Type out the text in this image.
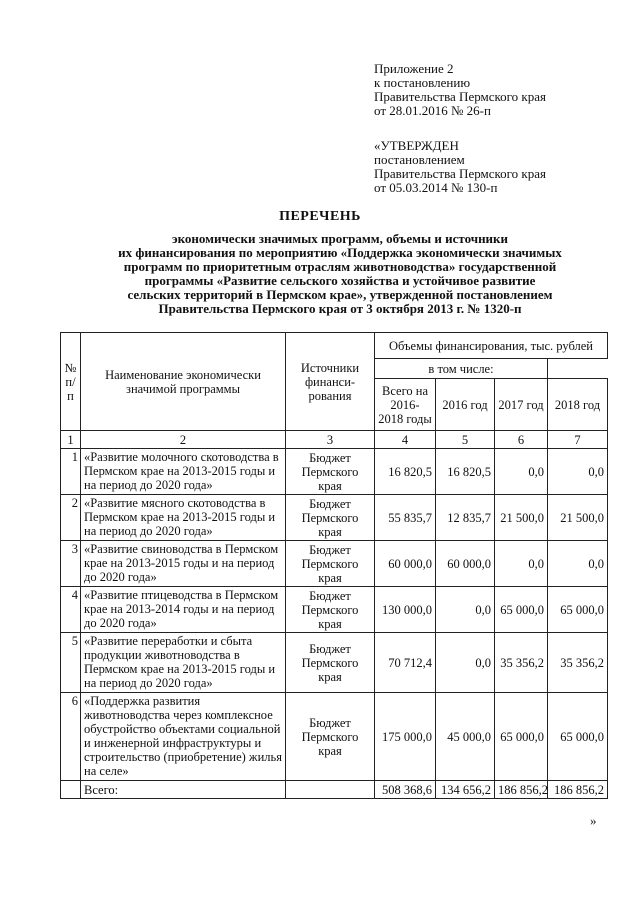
Приложение 2
к постановлению
Правительства Пермского края
от 28.01.2016 № 26-п
«УТВЕРЖДЕН
постановлением
Правительства Пермского края
от 05.03.2014 № 130-п
ПЕРЕЧЕНЬ
экономически значимых программ, объемы и источники
их финансирования по мероприятию «Поддержка экономически значимых
программ по приоритетным отраслям животноводства» государственной
программы «Развитие сельского хозяйства и устойчивое развитие
сельских территорий в Пермском крае», утвержденной постановлением
Правительства Пермского края от 3 октября 2013 г. № 1320-п
№ п/п	Наименование экономически значимой программы	Источники финанси-рования	Объемы финансирования, тыс. рублей			
			в том числе:			
			Всего на 2016-2018 годы	2016 год	2017 год	2018 год
1	2	3	4	5	6	7
1	«Развитие молочного скотоводства в Пермском крае на 2013-2015 годы и на период до 2020 года»	Бюджет Пермского края	16 820,5	16 820,5	0,0	0,0
2	«Развитие мясного скотоводства в Пермском крае на 2013-2015 годы и на период до 2020 года»	Бюджет Пермского края	55 835,7	12 835,7	21 500,0	21 500,0
3	«Развитие свиноводства в Пермском крае на 2013-2015 годы и на период до 2020 года»	Бюджет Пермского края	60 000,0	60 000,0	0,0	0,0
4	«Развитие птицеводства в Пермском крае на 2013-2014 годы и на период до 2020 года»	Бюджет Пермского края	130 000,0	0,0	65 000,0	65 000,0
5	«Развитие переработки и сбыта продукции животноводства в Пермском крае на 2013-2015 годы и на период до 2020 года»	Бюджет Пермского края	70 712,4	0,0	35 356,2	35 356,2
6	«Поддержка развития животноводства через комплексное обустройство объектами социальной и инженерной инфраструктуры и строительство (приобретение) жилья на селе»	Бюджет Пермского края	175 000,0	45 000,0	65 000,0	65 000,0
	Всего:		508 368,6	134 656,2	186 856,2	186 856,2
»
